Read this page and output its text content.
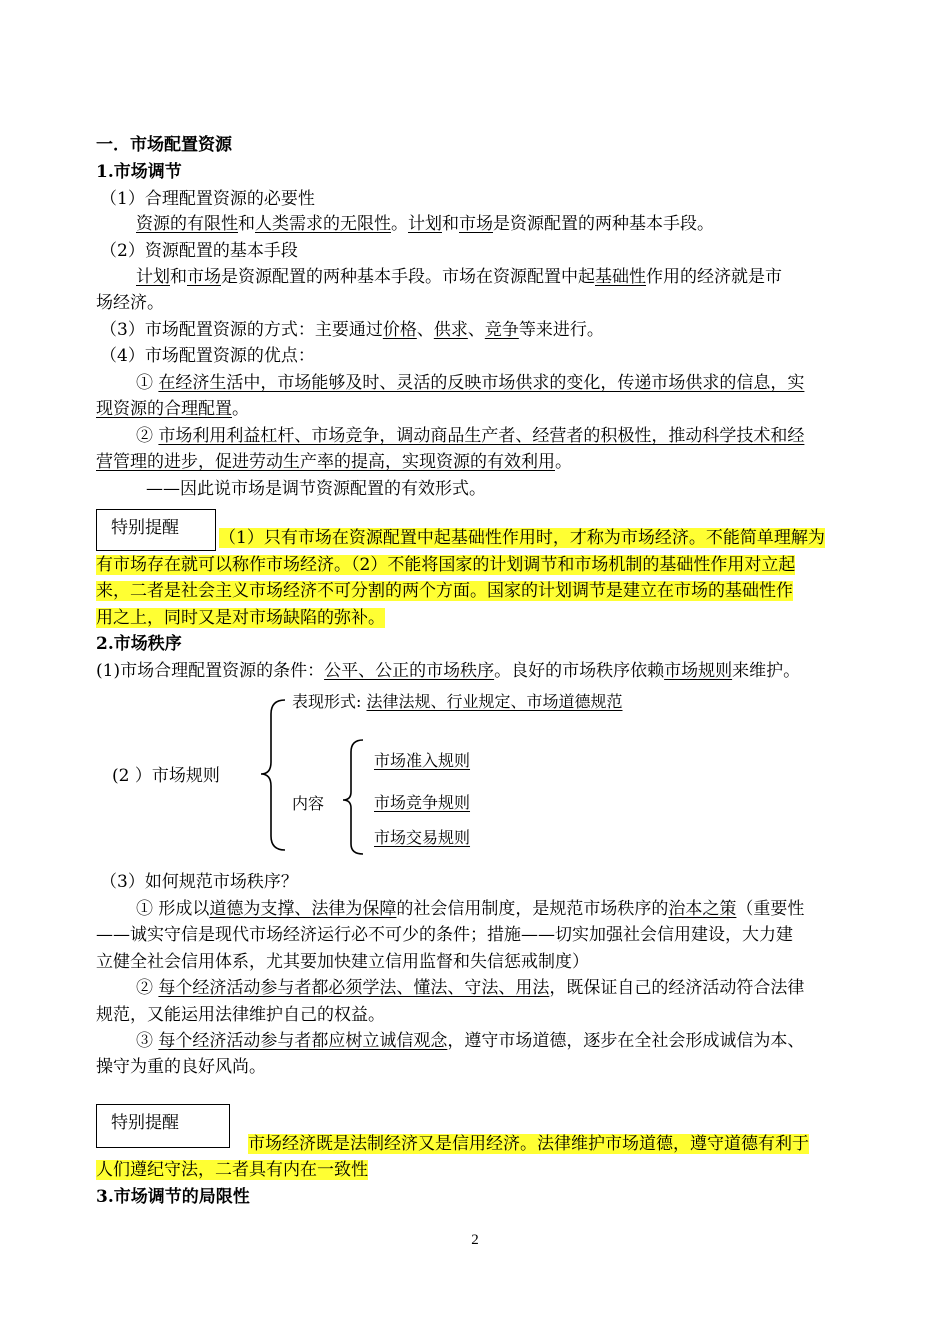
一．市场配置资源
1.市场调节
（1）合理配置资源的必要性
资源的有限性和人类需求的无限性。计划和市场是资源配置的两种基本手段。
（2）资源配置的基本手段
计划和市场是资源配置的两种基本手段。市场在资源配置中起基础性作用的经济就是市
场经济。
（3）市场配置资源的方式：主要通过价格、供求、竞争等来进行。
（4）市场配置资源的优点：
① 在经济生活中，市场能够及时、灵活的反映市场供求的变化，传递市场供求的信息，实
现资源的合理配置。
② 市场利用利益杠杆、市场竞争，调动商品生产者、经营者的积极性，推动科学技术和经
营管理的进步，促进劳动生产率的提高，实现资源的有效利用。
——因此说市场是调节资源配置的有效形式。
特别提醒	（1）只有市场在资源配置中起基础性作用时，才称为市场经济。不能简单理解为
有市场存在就可以称作市场经济。（2）不能将国家的计划调节和市场机制的基础性作用对立起
来，二者是社会主义市场经济不可分割的两个方面。国家的计划调节是建立在市场的基础性作
用之上，同时又是对市场缺陷的弥补。
2.市场秩序
(1)市场合理配置资源的条件：公平、公正的市场秩序。良好的市场秩序依赖市场规则来维护。
(2 ）市场规则
表现形式: 法律法规、行业规定、市场道德规范
内容
市场准入规则
市场竞争规则
市场交易规则
（3）如何规范市场秩序？
① 形成以道德为支撑、法律为保障的社会信用制度，是规范市场秩序的治本之策（重要性
——诚实守信是现代市场经济运行必不可少的条件；措施——切实加强社会信用建设，大力建
立健全社会信用体系，尤其要加快建立信用监督和失信惩戒制度）
② 每个经济活动参与者都必须学法、懂法、守法、用法，既保证自己的经济活动符合法律
规范，又能运用法律维护自己的权益。
③ 每个经济活动参与者都应树立诚信观念，遵守市场道德，逐步在全社会形成诚信为本、
操守为重的良好风尚。
特别提醒
市场经济既是法制经济又是信用经济。法律维护市场道德，遵守道德有利于
人们遵纪守法，二者具有内在一致性
3.市场调节的局限性
2
